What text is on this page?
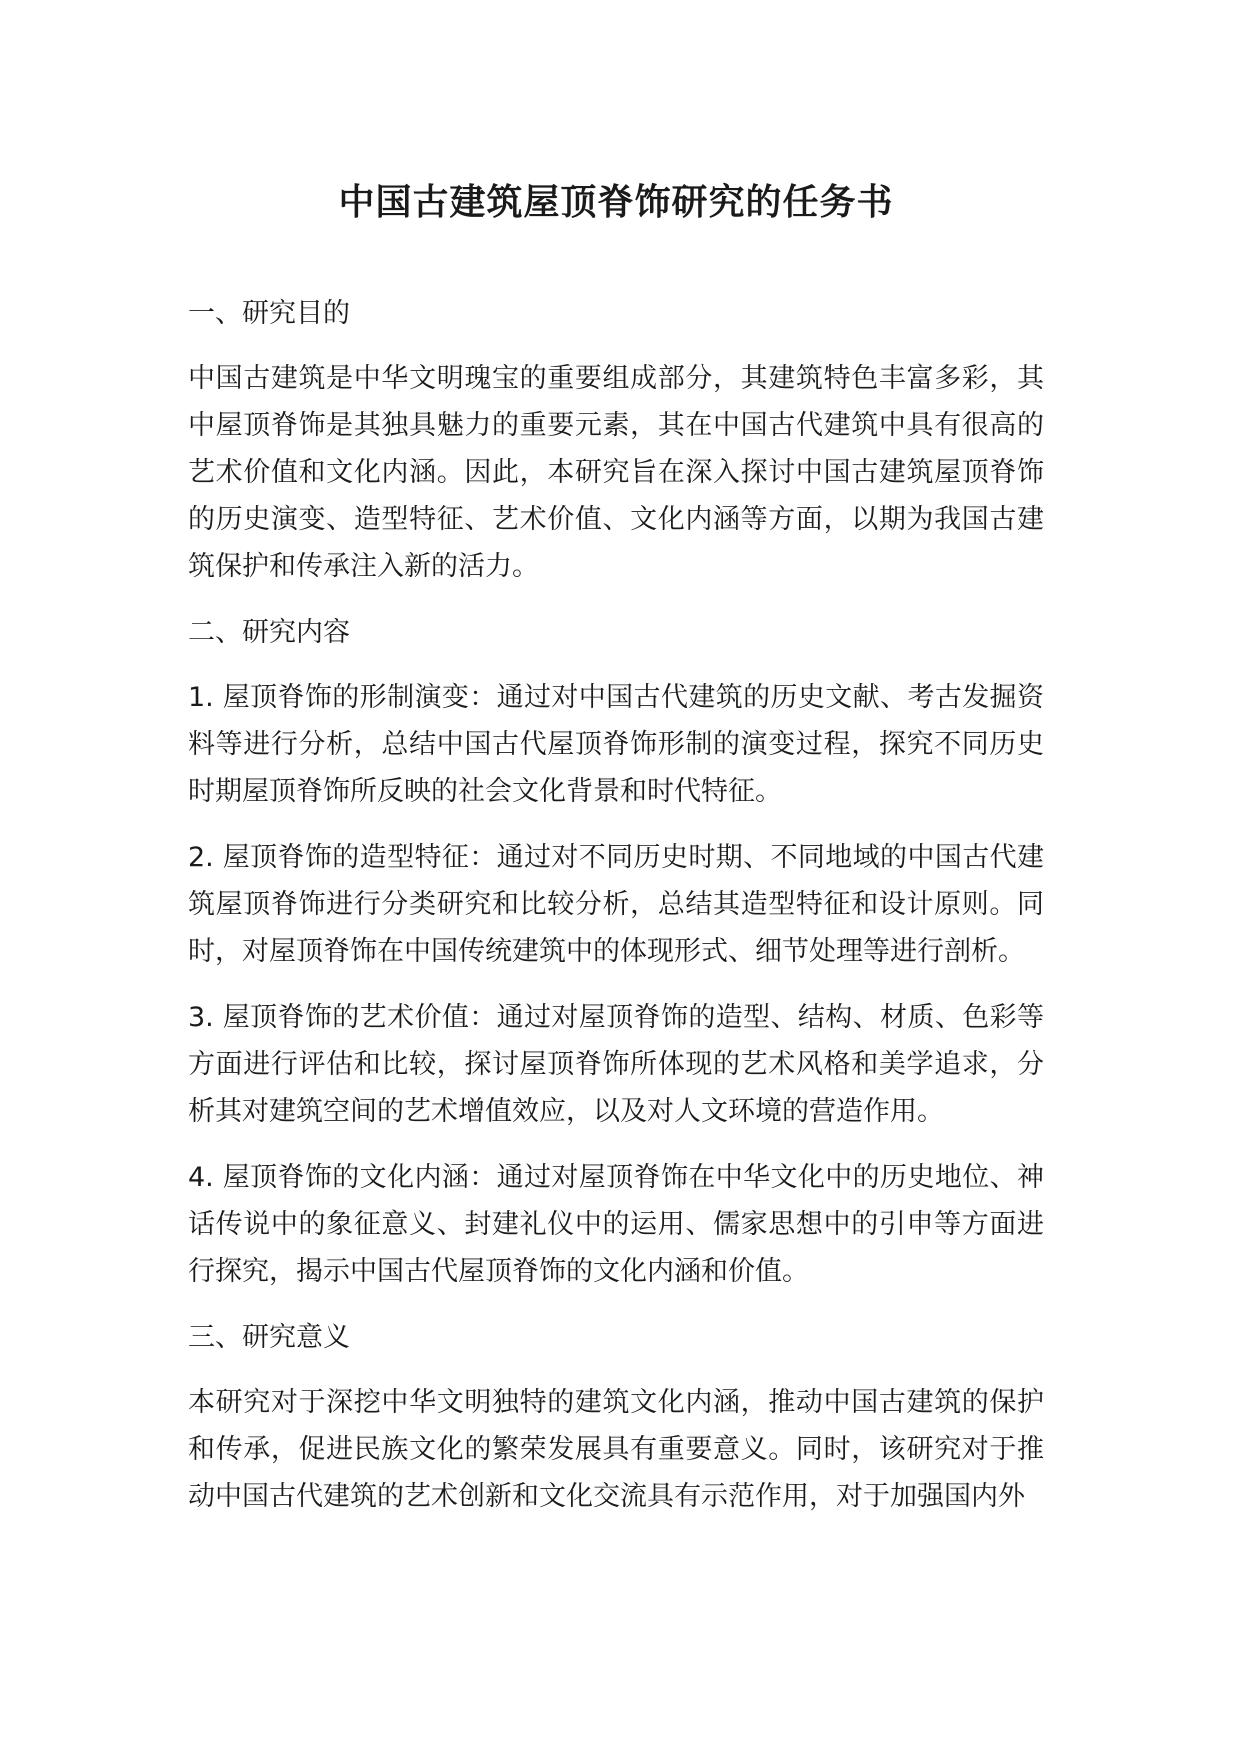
中国古建筑屋顶脊饰研究的任务书

一、研究目的

中国古建筑是中华文明瑰宝的重要组成部分，其建筑特色丰富多彩，其中屋顶脊饰是其独具魅力的重要元素，其在中国古代建筑中具有很高的艺术价值和文化内涵。因此，本研究旨在深入探讨中国古建筑屋顶脊饰的历史演变、造型特征、艺术价值、文化内涵等方面，以期为我国古建筑保护和传承注入新的活力。

二、研究内容

1. 屋顶脊饰的形制演变：通过对中国古代建筑的历史文献、考古发掘资料等进行分析，总结中国古代屋顶脊饰形制的演变过程，探究不同历史时期屋顶脊饰所反映的社会文化背景和时代特征。

2. 屋顶脊饰的造型特征：通过对不同历史时期、不同地域的中国古代建筑屋顶脊饰进行分类研究和比较分析，总结其造型特征和设计原则。同时，对屋顶脊饰在中国传统建筑中的体现形式、细节处理等进行剖析。

3. 屋顶脊饰的艺术价值：通过对屋顶脊饰的造型、结构、材质、色彩等方面进行评估和比较，探讨屋顶脊饰所体现的艺术风格和美学追求，分析其对建筑空间的艺术增值效应，以及对人文环境的营造作用。

4. 屋顶脊饰的文化内涵：通过对屋顶脊饰在中华文化中的历史地位、神话传说中的象征意义、封建礼仪中的运用、儒家思想中的引申等方面进行探究，揭示中国古代屋顶脊饰的文化内涵和价值。

三、研究意义

本研究对于深挖中华文明独特的建筑文化内涵，推动中国古建筑的保护和传承，促进民族文化的繁荣发展具有重要意义。同时，该研究对于推动中国古代建筑的艺术创新和文化交流具有示范作用，对于加强国内外
